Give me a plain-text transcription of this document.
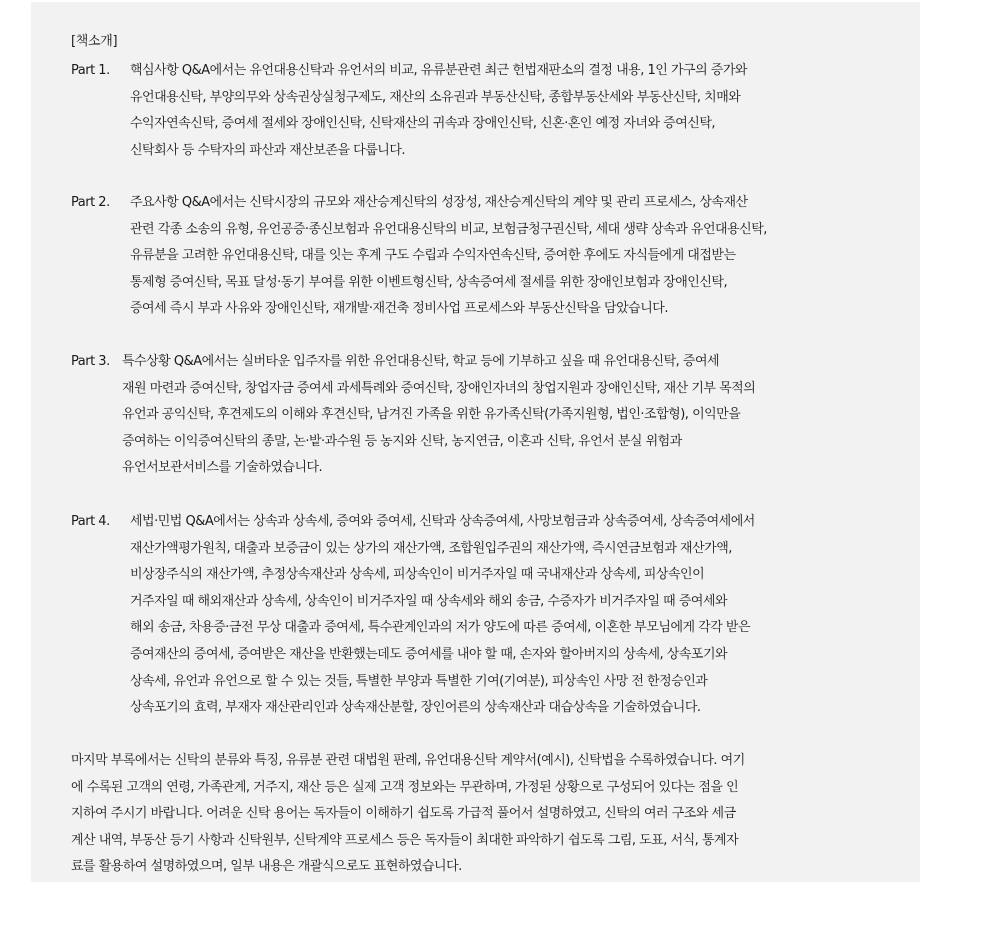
[책소개]
Part 1. 핵심사항 Q&A에서는 유언대용신탁과 유언서의 비교, 유류분관련 최근 헌법재판소의 결정 내용, 1인 가구의 증가와
유언대용신탁, 부양의무와 상속권상실청구제도, 재산의 소유권과 부동산신탁, 종합부동산세와 부동산신탁, 치매와
수익자연속신탁, 증여세 절세와 장애인신탁, 신탁재산의 귀속과 장애인신탁, 신혼·혼인 예정 자녀와 증여신탁,
신탁회사 등 수탁자의 파산과 재산보존을 다룹니다.
Part 2. 주요사항 Q&A에서는 신탁시장의 규모와 재산승계신탁의 성장성, 재산승계신탁의 계약 및 관리 프로세스, 상속재산
관련 각종 소송의 유형, 유언공증·종신보험과 유언대용신탁의 비교, 보험금청구권신탁, 세대 생략 상속과 유언대용신탁,
유류분을 고려한 유언대용신탁, 대를 잇는 후계 구도 수립과 수익자연속신탁, 증여한 후에도 자식들에게 대접받는
통제형 증여신탁, 목표 달성·동기 부여를 위한 이벤트형신탁, 상속증여세 절세를 위한 장애인보험과 장애인신탁,
증여세 즉시 부과 사유와 장애인신탁, 재개발·재건축 정비사업 프로세스와 부동산신탁을 담았습니다.
Part 3. 특수상황 Q&A에서는 실버타운 입주자를 위한 유언대용신탁, 학교 등에 기부하고 싶을 때 유언대용신탁, 증여세
재원 마련과 증여신탁, 창업자금 증여세 과세특례와 증여신탁, 장애인자녀의 창업지원과 장애인신탁, 재산 기부 목적의
유언과 공익신탁, 후견제도의 이해와 후견신탁, 남겨진 가족을 위한 유가족신탁(가족지원형, 법인·조합형), 이익만을
증여하는 이익증여신탁의 종말, 논·밭·과수원 등 농지와 신탁, 농지연금, 이혼과 신탁, 유언서 분실 위험과
유언서보관서비스를 기술하였습니다.
Part 4. 세법·민법 Q&A에서는 상속과 상속세, 증여와 증여세, 신탁과 상속증여세, 사망보험금과 상속증여세, 상속증여세에서
재산가액평가원칙, 대출과 보증금이 있는 상가의 재산가액, 조합원입주권의 재산가액, 즉시연금보험과 재산가액,
비상장주식의 재산가액, 추정상속재산과 상속세, 피상속인이 비거주자일 때 국내재산과 상속세, 피상속인이
거주자일 때 해외재산과 상속세, 상속인이 비거주자일 때 상속세와 해외 송금, 수증자가 비거주자일 때 증여세와
해외 송금, 차용증·금전 무상 대출과 증여세, 특수관계인과의 저가 양도에 따른 증여세, 이혼한 부모님에게 각각 받은
증여재산의 증여세, 증여받은 재산을 반환했는데도 증여세를 내야 할 때, 손자와 할아버지의 상속세, 상속포기와
상속세, 유언과 유언으로 할 수 있는 것들, 특별한 부양과 특별한 기여(기여분), 피상속인 사망 전 한정승인과
상속포기의 효력, 부재자 재산관리인과 상속재산분할, 장인어른의 상속재산과 대습상속을 기술하였습니다.
마지막 부록에서는 신탁의 분류와 특징, 유류분 관련 대법원 판례, 유언대용신탁 계약서(예시), 신탁법을 수록하였습니다. 여기
에 수록된 고객의 연령, 가족관계, 거주지, 재산 등은 실제 고객 정보와는 무관하며, 가정된 상황으로 구성되어 있다는 점을 인
지하여 주시기 바랍니다. 어려운 신탁 용어는 독자들이 이해하기 쉽도록 가급적 풀어서 설명하였고, 신탁의 여러 구조와 세금
계산 내역, 부동산 등기 사항과 신탁원부, 신탁계약 프로세스 등은 독자들이 최대한 파악하기 쉽도록 그림, 도표, 서식, 통계자
료를 활용하여 설명하였으며, 일부 내용은 개괄식으로도 표현하였습니다.
